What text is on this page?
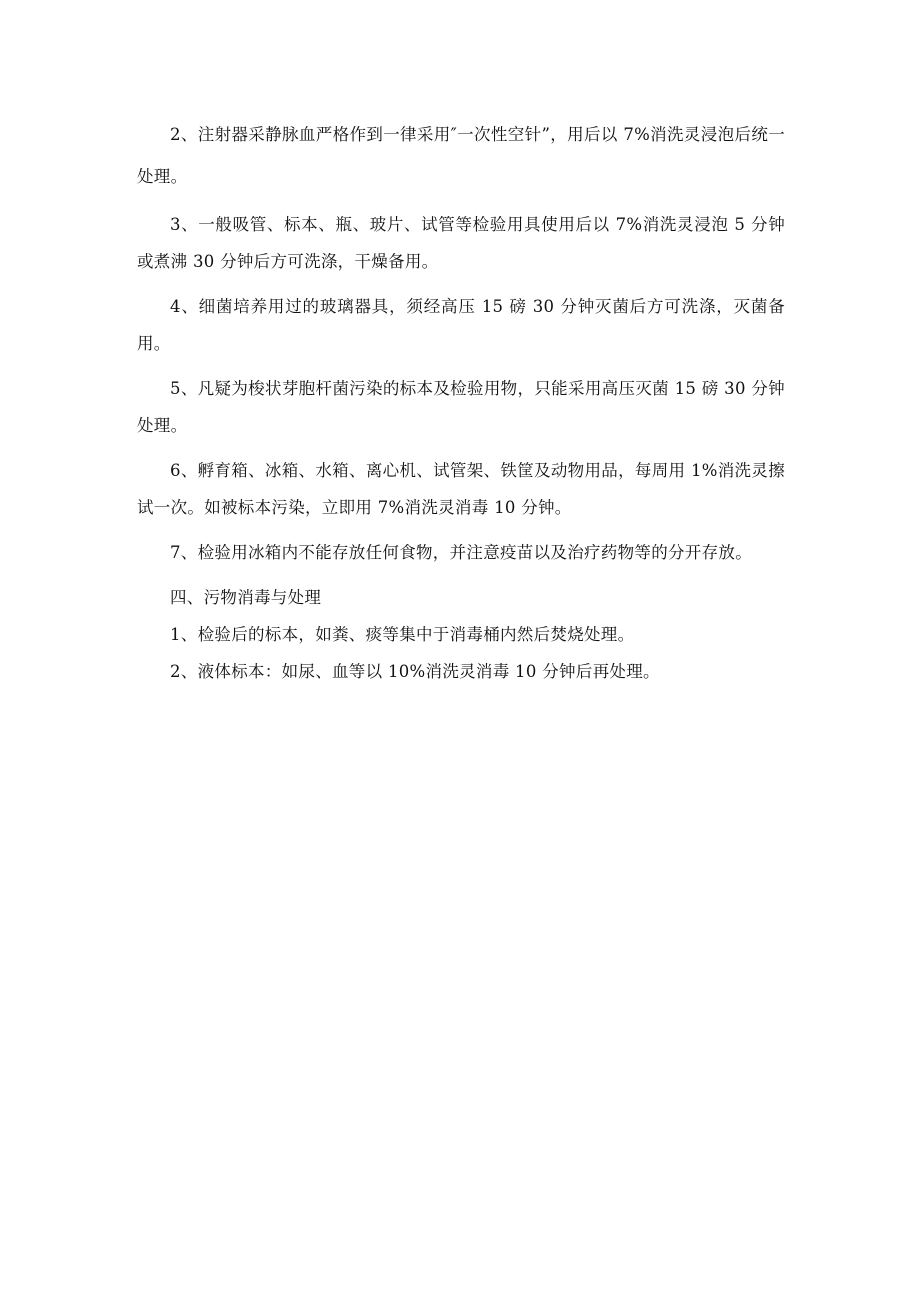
2、注射器采静脉血严格作到一律采用″一次性空针”，用后以 7%消洗灵浸泡后统一处理。

3、一般吸管、标本、瓶、玻片、试管等检验用具使用后以 7%消洗灵浸泡 5 分钟或煮沸 30 分钟后方可洗涤，干燥备用。

4、细菌培养用过的玻璃器具，须经高压 15 磅 30 分钟灭菌后方可洗涤，灭菌备用。

5、凡疑为梭状芽胞杆菌污染的标本及检验用物，只能采用高压灭菌 15 磅 30 分钟处理。

6、孵育箱、冰箱、水箱、离心机、试管架、铁筐及动物用品，每周用 1%消洗灵擦试一次。如被标本污染，立即用 7%消洗灵消毒 10 分钟。

7、检验用冰箱内不能存放任何食物，并注意疫苗以及治疗药物等的分开存放。

四、污物消毒与处理

1、检验后的标本，如粪、痰等集中于消毒桶内然后焚烧处理。

2、液体标本：如尿、血等以 10%消洗灵消毒 10 分钟后再处理。
